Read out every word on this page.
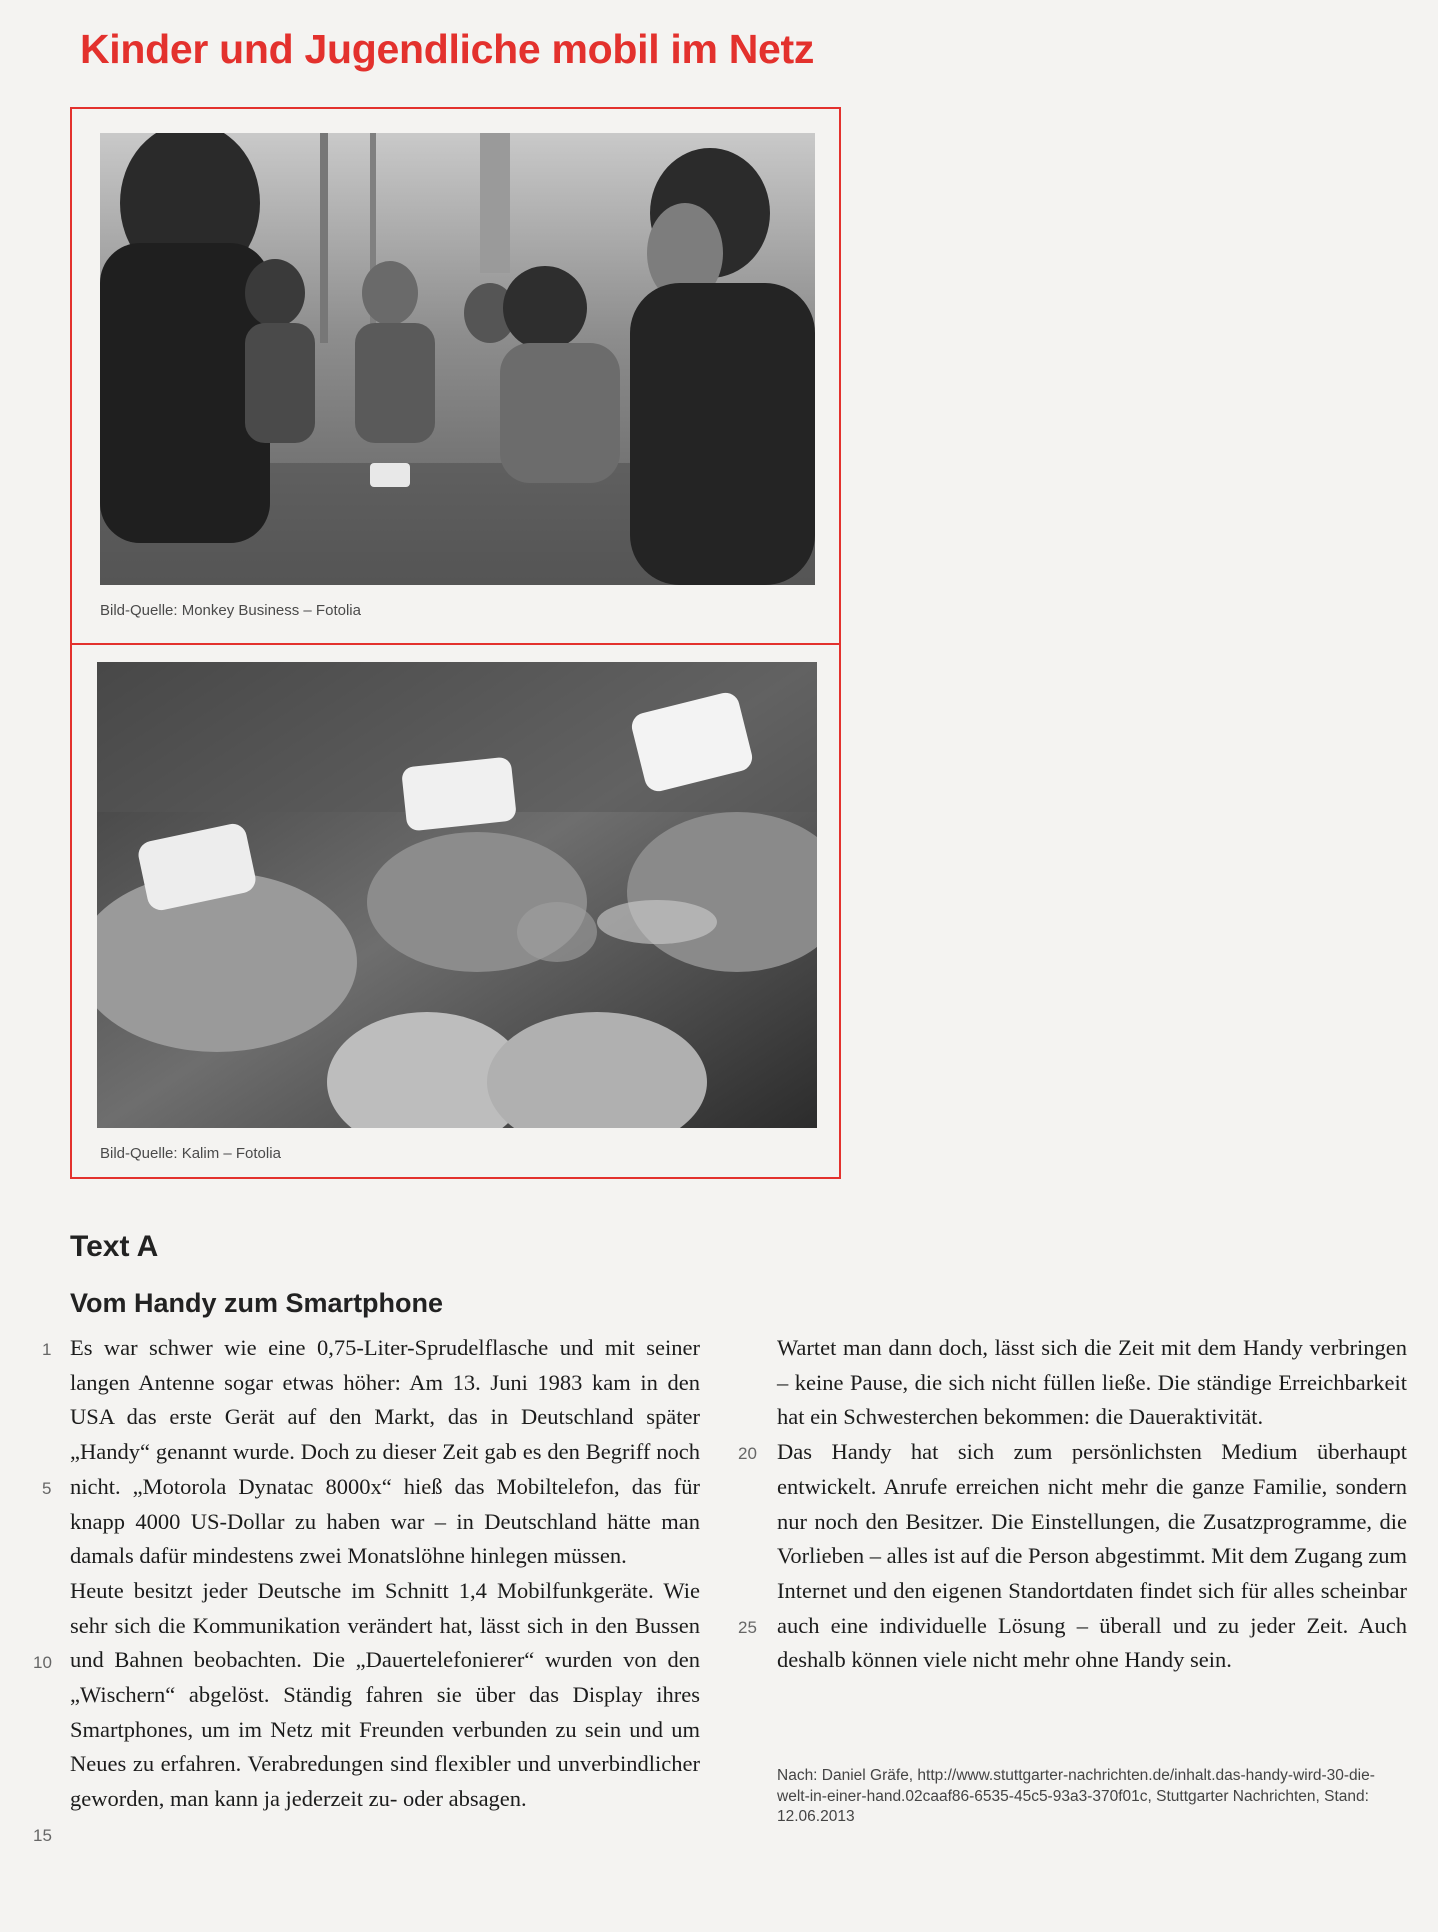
Kinder und Jugendliche mobil im Netz
Bild-Quelle: Monkey Business – Fotolia
Bild-Quelle: Kalim – Fotolia
Text A
Vom Handy zum Smartphone
1
5
10
15
20
25

Es war schwer wie eine 0,75-Liter-Sprudelflasche und mit seiner langen Antenne sogar etwas höher: Am 13. Juni 1983 kam in den USA das erste Gerät auf den Markt, das in Deutschland später „Handy“ genannt wurde. Doch zu dieser Zeit gab es den Begriff noch nicht. „Motorola Dynatac 8000x“ hieß das Mobiltelefon, das für knapp 4000 US-Dollar zu haben war – in Deutschland hätte man damals dafür mindestens zwei Monatslöhne hinlegen müssen.

Heute besitzt jeder Deutsche im Schnitt 1,4 Mobilfunkgeräte. Wie sehr sich die Kommunikation verändert hat, lässt sich in den Bussen und Bahnen beobachten. Die „Dauertelefonierer“ wurden von den „Wischern“ abgelöst. Ständig fahren sie über das Display ihres Smartphones, um im Netz mit Freunden verbunden zu sein und um Neues zu erfahren. Verabredungen sind flexibler und unverbindlicher geworden, man kann ja jederzeit zu- oder absagen.

Wartet man dann doch, lässt sich die Zeit mit dem Handy verbringen – keine Pause, die sich nicht füllen ließe. Die ständige Erreichbarkeit hat ein Schwesterchen bekommen: die Daueraktivität.

Das Handy hat sich zum persönlichsten Medium überhaupt entwickelt. Anrufe erreichen nicht mehr die ganze Familie, sondern nur noch den Besitzer. Die Einstellungen, die Zusatzprogramme, die Vorlieben – alles ist auf die Person abgestimmt. Mit dem Zugang zum Internet und den eigenen Standortdaten findet sich für alles scheinbar auch eine individuelle Lösung – überall und zu jeder Zeit. Auch deshalb können viele nicht mehr ohne Handy sein.

Nach: Daniel Gräfe, http://www.stuttgarter-nachrichten.de/inhalt.das-handy-wird-30-die-welt-in-einer-hand.02caaf86-6535-45c5-93a3-370f01c, Stuttgarter Nachrichten, Stand: 12.06.2013
